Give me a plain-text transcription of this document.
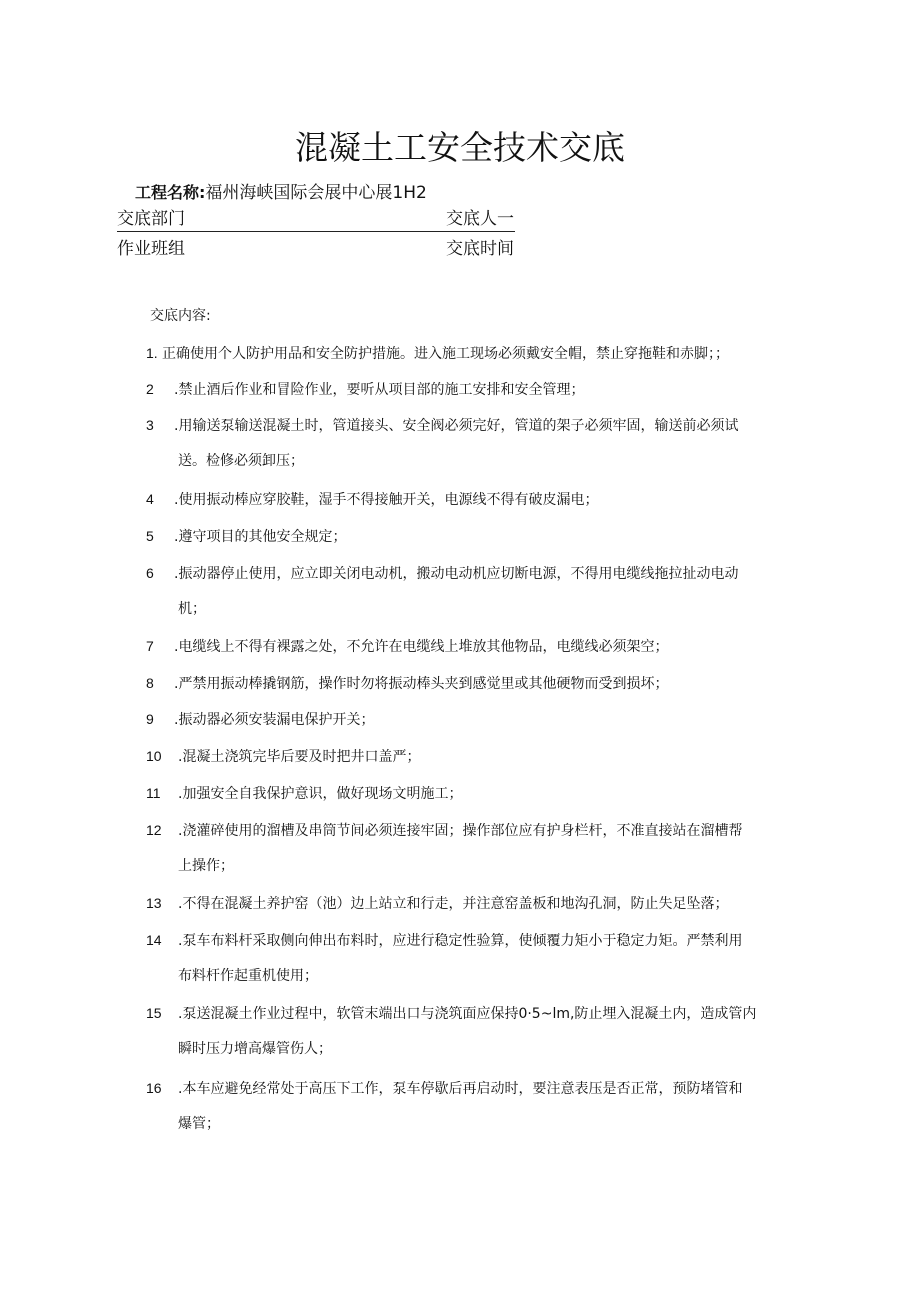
混凝土工安全技术交底
工程名称:福州海峡国际会展中心展1H2
交底部门	交底人一
作业班组	交底时间
交底内容:
1. 正确使用个人防护用品和安全防护措施。进入施工现场必须戴安全帽，禁止穿拖鞋和赤脚；；
2 .禁止酒后作业和冒险作业，要听从项目部的施工安排和安全管理；
3 .用输送泵输送混凝土时，管道接头、安全阀必须完好，管道的架子必须牢固，输送前必须试
送。检修必须卸压；
4 .使用振动棒应穿胶鞋，湿手不得接触开关，电源线不得有破皮漏电；
5 .遵守项目的其他安全规定；
6 .振动器停止使用，应立即关闭电动机，搬动电动机应切断电源，不得用电缆线拖拉扯动电动
机；
7 .电缆线上不得有裸露之处，不允许在电缆线上堆放其他物品，电缆线必须架空；
8 .严禁用振动棒撬钢筋，操作时勿将振动棒头夹到感觉里或其他硬物而受到损坏；
9 .振动器必须安装漏电保护开关；
10 .混凝土浇筑完毕后要及时把井口盖严；
11 .加强安全自我保护意识，做好现场文明施工；
12 .浇灌碎使用的溜槽及串筒节间必须连接牢固；操作部位应有护身栏杆，不准直接站在溜槽帮
上操作；
13 .不得在混凝土养护窑（池）边上站立和行走，并注意窑盖板和地沟孔洞，防止失足坠落；
14 .泵车布料杆采取侧向伸出布料时，应进行稳定性验算，使倾覆力矩小于稳定力矩。严禁利用
布料杆作起重机使用；
15 .泵送混凝土作业过程中，软管末端出口与浇筑面应保持0·5~lm,防止埋入混凝土内，造成管内
瞬时压力增高爆管伤人；
16 .本车应避免经常处于高压下工作，泵车停歇后再启动时，要注意表压是否正常，预防堵管和
爆管；
